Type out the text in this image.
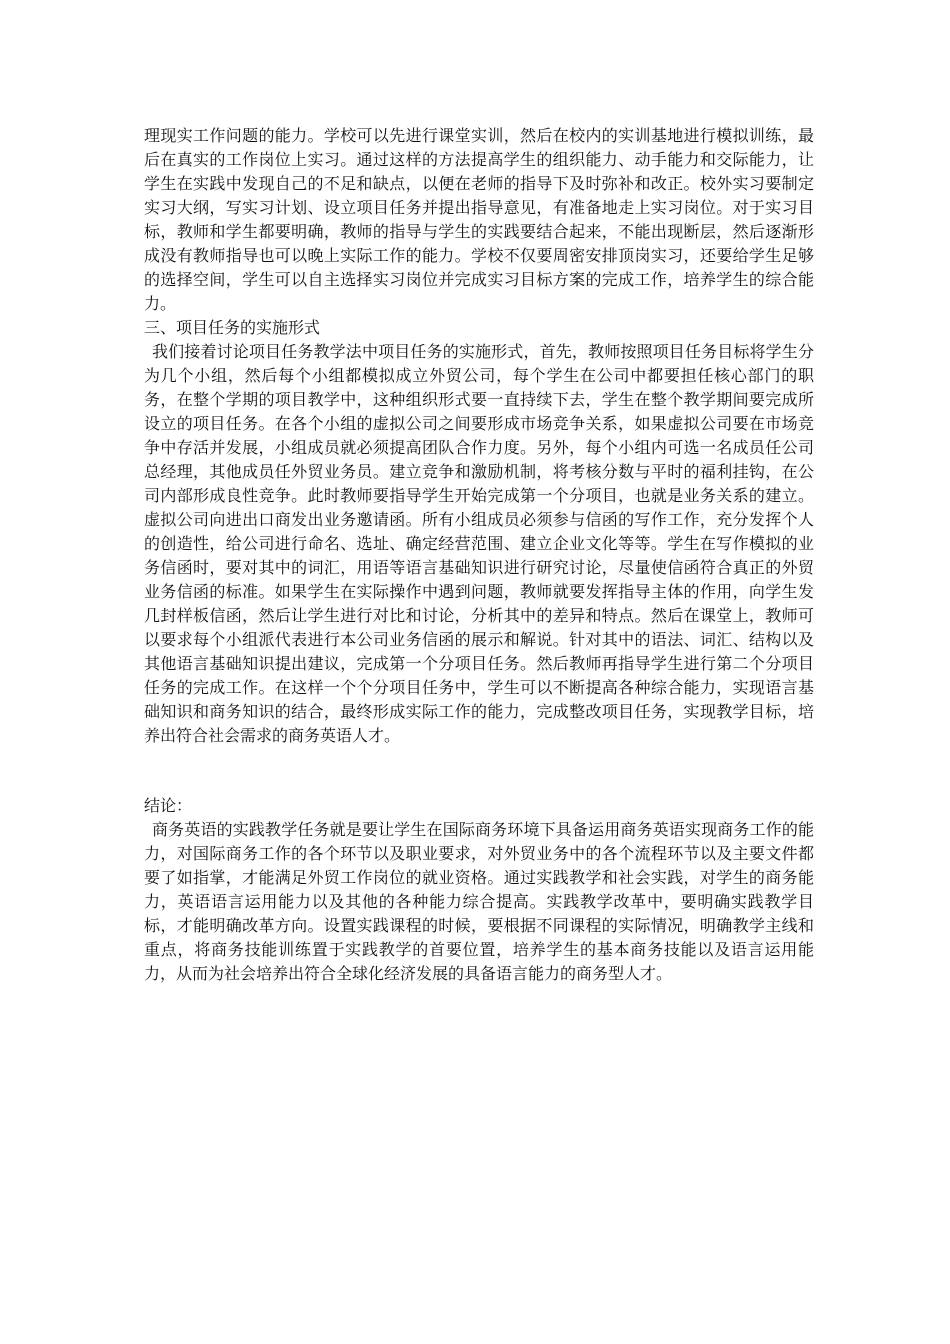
理现实工作问题的能力。学校可以先进行课堂实训，然后在校内的实训基地进行模拟训练，最后在真实的工作岗位上实习。通过这样的方法提高学生的组织能力、动手能力和交际能力，让学生在实践中发现自己的不足和缺点，以便在老师的指导下及时弥补和改正。校外实习要制定实习大纲，写实习计划、设立项目任务并提出指导意见，有准备地走上实习岗位。对于实习目标，教师和学生都要明确，教师的指导与学生的实践要结合起来，不能出现断层，然后逐渐形成没有教师指导也可以晚上实际工作的能力。学校不仅要周密安排顶岗实习，还要给学生足够的选择空间，学生可以自主选择实习岗位并完成实习目标方案的完成工作，培养学生的综合能力。

三、项目任务的实施形式

我们接着讨论项目任务教学法中项目任务的实施形式，首先，教师按照项目任务目标将学生分为几个小组，然后每个小组都模拟成立外贸公司，每个学生在公司中都要担任核心部门的职务，在整个学期的项目教学中，这种组织形式要一直持续下去，学生在整个教学期间要完成所设立的项目任务。在各个小组的虚拟公司之间要形成市场竞争关系，如果虚拟公司要在市场竞争中存活并发展，小组成员就必须提高团队合作力度。另外，每个小组内可选一名成员任公司总经理，其他成员任外贸业务员。建立竞争和激励机制，将考核分数与平时的福利挂钩，在公司内部形成良性竞争。此时教师要指导学生开始完成第一个分项目，也就是业务关系的建立。虚拟公司向进出口商发出业务邀请函。所有小组成员必须参与信函的写作工作，充分发挥个人的创造性，给公司进行命名、选址、确定经营范围、建立企业文化等等。学生在写作模拟的业务信函时，要对其中的词汇，用语等语言基础知识进行研究讨论，尽量使信函符合真正的外贸业务信函的标准。如果学生在实际操作中遇到问题，教师就要发挥指导主体的作用，向学生发几封样板信函，然后让学生进行对比和讨论，分析其中的差异和特点。然后在课堂上，教师可以要求每个小组派代表进行本公司业务信函的展示和解说。针对其中的语法、词汇、结构以及其他语言基础知识提出建议，完成第一个分项目任务。然后教师再指导学生进行第二个分项目任务的完成工作。在这样一个个分项目任务中，学生可以不断提高各种综合能力，实现语言基础知识和商务知识的结合，最终形成实际工作的能力，完成整改项目任务，实现教学目标，培养出符合社会需求的商务英语人才。

结论：

商务英语的实践教学任务就是要让学生在国际商务环境下具备运用商务英语实现商务工作的能力，对国际商务工作的各个环节以及职业要求，对外贸业务中的各个流程环节以及主要文件都要了如指掌，才能满足外贸工作岗位的就业资格。通过实践教学和社会实践，对学生的商务能力，英语语言运用能力以及其他的各种能力综合提高。实践教学改革中，要明确实践教学目标，才能明确改革方向。设置实践课程的时候，要根据不同课程的实际情况，明确教学主线和重点，将商务技能训练置于实践教学的首要位置，培养学生的基本商务技能以及语言运用能力，从而为社会培养出符合全球化经济发展的具备语言能力的商务型人才。
